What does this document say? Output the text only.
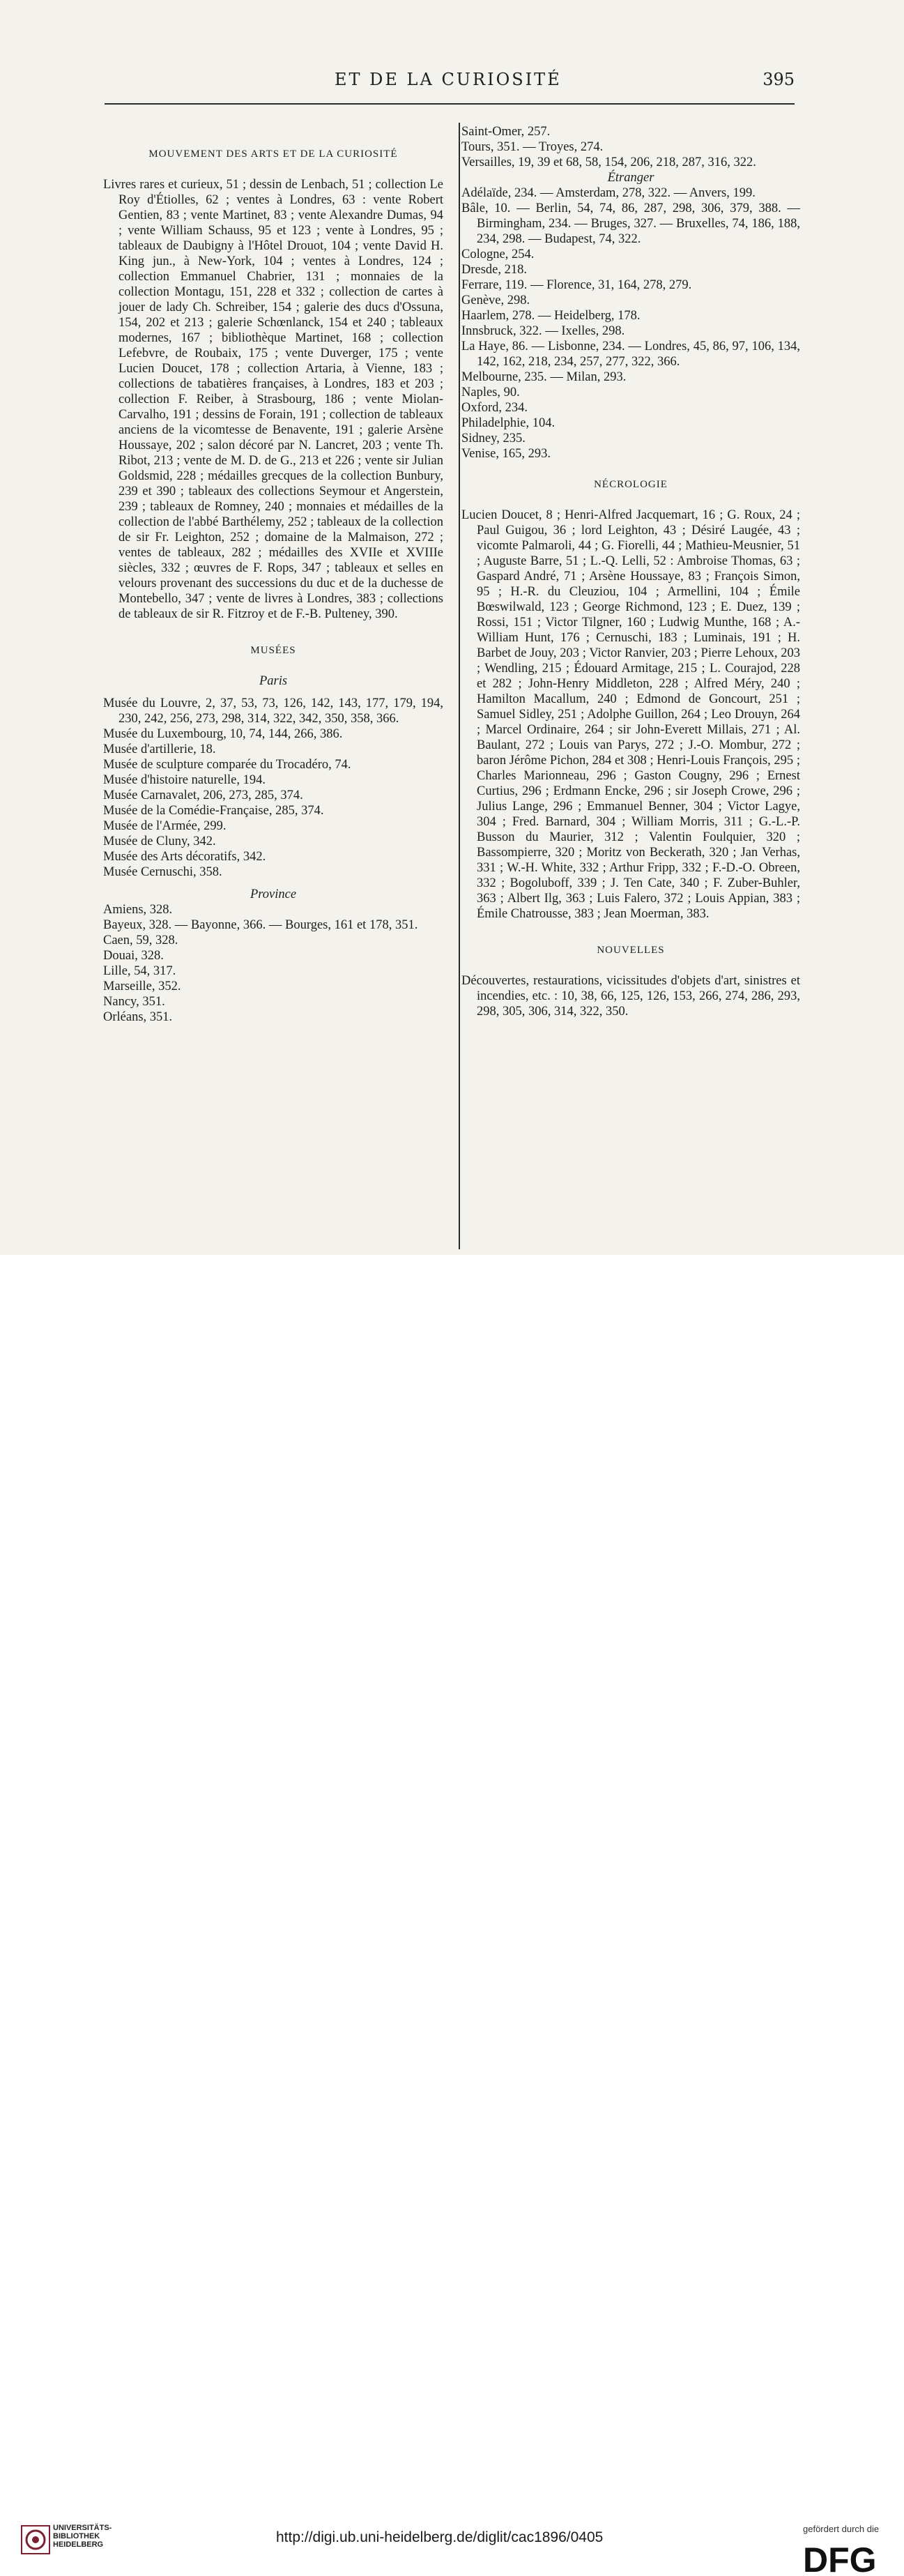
ET DE LA CURIOSITÉ	395

MOUVEMENT DES ARTS ET DE LA CURIOSITÉ

Livres rares et curieux, 51 ; dessin de Lenbach, 51 ; collection Le Roy d'Étiolles, 62 ; ventes à Londres, 63 : vente Robert Gentien, 83 ; vente Martinet, 83 ; vente Alexandre Dumas, 94 ; vente William Schauss, 95 et 123 ; vente à Londres, 95 ; tableaux de Daubigny à l'Hôtel Drouot, 104 ; vente David H. King jun., à New-York, 104 ; ventes à Londres, 124 ; collection Emmanuel Chabrier, 131 ; monnaies de la collection Montagu, 151, 228 et 332 ; collection de cartes à jouer de lady Ch. Schreiber, 154 ; galerie des ducs d'Ossuna, 154, 202 et 213 ; galerie Schœnlanck, 154 et 240 ; tableaux modernes, 167 ; bibliothèque Martinet, 168 ; collection Lefebvre, de Roubaix, 175 ; vente Duverger, 175 ; vente Lucien Doucet, 178 ; collection Artaria, à Vienne, 183 ; collections de tabatières françaises, à Londres, 183 et 203 ; collection F. Reiber, à Strasbourg, 186 ; vente Miolan-Carvalho, 191 ; dessins de Forain, 191 ; collection de tableaux anciens de la vicomtesse de Benavente, 191 ; galerie Arsène Houssaye, 202 ; salon décoré par N. Lancret, 203 ; vente Th. Ribot, 213 ; vente de M. D. de G., 213 et 226 ; vente sir Julian Goldsmid, 228 ; médailles grecques de la collection Bunbury, 239 et 390 ; tableaux des collections Seymour et Angerstein, 239 ; tableaux de Romney, 240 ; monnaies et médailles de la collection de l'abbé Barthélemy, 252 ; tableaux de la collection de sir Fr. Leighton, 252 ; domaine de la Malmaison, 272 ; ventes de tableaux, 282 ; médailles des XVIIe et XVIIIe siècles, 332 ; œuvres de F. Rops, 347 ; tableaux et selles en velours provenant des successions du duc et de la duchesse de Montebello, 347 ; vente de livres à Londres, 383 ; collections de tableaux de sir R. Fitzroy et de F.-B. Pulteney, 390.

MUSÉES

Paris

Musée du Louvre, 2, 37, 53, 73, 126, 142, 143, 177, 179, 194, 230, 242, 256, 273, 298, 314, 322, 342, 350, 358, 366.

Musée du Luxembourg, 10, 74, 144, 266, 386.

Musée d'artillerie, 18.

Musée de sculpture comparée du Trocadéro, 74.

Musée d'histoire naturelle, 194.

Musée Carnavalet, 206, 273, 285, 374.

Musée de la Comédie-Française, 285, 374.

Musée de l'Armée, 299.

Musée de Cluny, 342.

Musée des Arts décoratifs, 342.

Musée Cernuschi, 358.

Province

Amiens, 328.

Bayeux, 328. — Bayonne, 366. — Bourges, 161 et 178, 351.

Caen, 59, 328.

Douai, 328.

Lille, 54, 317.

Marseille, 352.

Nancy, 351.

Orléans, 351.

Saint-Omer, 257.

Tours, 351. — Troyes, 274.

Versailles, 19, 39 et 68, 58, 154, 206, 218, 287, 316, 322.

Étranger

Adélaïde, 234. — Amsterdam, 278, 322. — Anvers, 199.

Bâle, 10. — Berlin, 54, 74, 86, 287, 298, 306, 379, 388. — Birmingham, 234. — Bruges, 327. — Bruxelles, 74, 186, 188, 234, 298. — Budapest, 74, 322.

Cologne, 254.

Dresde, 218.

Ferrare, 119. — Florence, 31, 164, 278, 279.

Genève, 298.

Haarlem, 278. — Heidelberg, 178.

Innsbruck, 322. — Ixelles, 298.

La Haye, 86. — Lisbonne, 234. — Londres, 45, 86, 97, 106, 134, 142, 162, 218, 234, 257, 277, 322, 366.

Melbourne, 235. — Milan, 293.

Naples, 90.

Oxford, 234.

Philadelphie, 104.

Sidney, 235.

Venise, 165, 293.

NÉCROLOGIE

Lucien Doucet, 8 ; Henri-Alfred Jacquemart, 16 ; G. Roux, 24 ; Paul Guigou, 36 ; lord Leighton, 43 ; Désiré Laugée, 43 ; vicomte Palmaroli, 44 ; G. Fiorelli, 44 ; Mathieu-Meusnier, 51 ; Auguste Barre, 51 ; L.-Q. Lelli, 52 : Ambroise Thomas, 63 ; Gaspard André, 71 ; Arsène Houssaye, 83 ; François Simon, 95 ; H.-R. du Cleuziou, 104 ; Armellini, 104 ; Émile Bœswilwald, 123 ; George Richmond, 123 ; E. Duez, 139 ; Rossi, 151 ; Victor Tilgner, 160 ; Ludwig Munthe, 168 ; A.-William Hunt, 176 ; Cernuschi, 183 ; Luminais, 191 ; H. Barbet de Jouy, 203 ; Victor Ranvier, 203 ; Pierre Lehoux, 203 ; Wendling, 215 ; Édouard Armitage, 215 ; L. Courajod, 228 et 282 ; John-Henry Middleton, 228 ; Alfred Méry, 240 ; Hamilton Macallum, 240 ; Edmond de Goncourt, 251 ; Samuel Sidley, 251 ; Adolphe Guillon, 264 ; Leo Drouyn, 264 ; Marcel Ordinaire, 264 ; sir John-Everett Millais, 271 ; Al. Baulant, 272 ; Louis van Parys, 272 ; J.-O. Mombur, 272 ; baron Jérôme Pichon, 284 et 308 ; Henri-Louis François, 295 ; Charles Marionneau, 296 ; Gaston Cougny, 296 ; Ernest Curtius, 296 ; Erdmann Encke, 296 ; sir Joseph Crowe, 296 ; Julius Lange, 296 ; Emmanuel Benner, 304 ; Victor Lagye, 304 ; Fred. Barnard, 304 ; William Morris, 311 ; G.-L.-P. Busson du Maurier, 312 ; Valentin Foulquier, 320 ; Bassompierre, 320 ; Moritz von Beckerath, 320 ; Jan Verhas, 331 ; W.-H. White, 332 ; Arthur Fripp, 332 ; F.-D.-O. Obreen, 332 ; Bogoluboff, 339 ; J. Ten Cate, 340 ; F. Zuber-Buhler, 363 ; Albert Ilg, 363 ; Luis Falero, 372 ; Louis Appian, 383 ; Émile Chatrousse, 383 ; Jean Moerman, 383.

NOUVELLES

Découvertes, restaurations, vicissitudes d'objets d'art, sinistres et incendies, etc. : 10, 38, 66, 125, 126, 153, 266, 274, 286, 293, 298, 305, 306, 314, 322, 350.

UNIVERSITÄTS-
BIBLIOTHEK
HEIDELBERG	http://digi.ub.uni-heidelberg.de/diglit/cac1896/0405
gefördert durch die
DFG
